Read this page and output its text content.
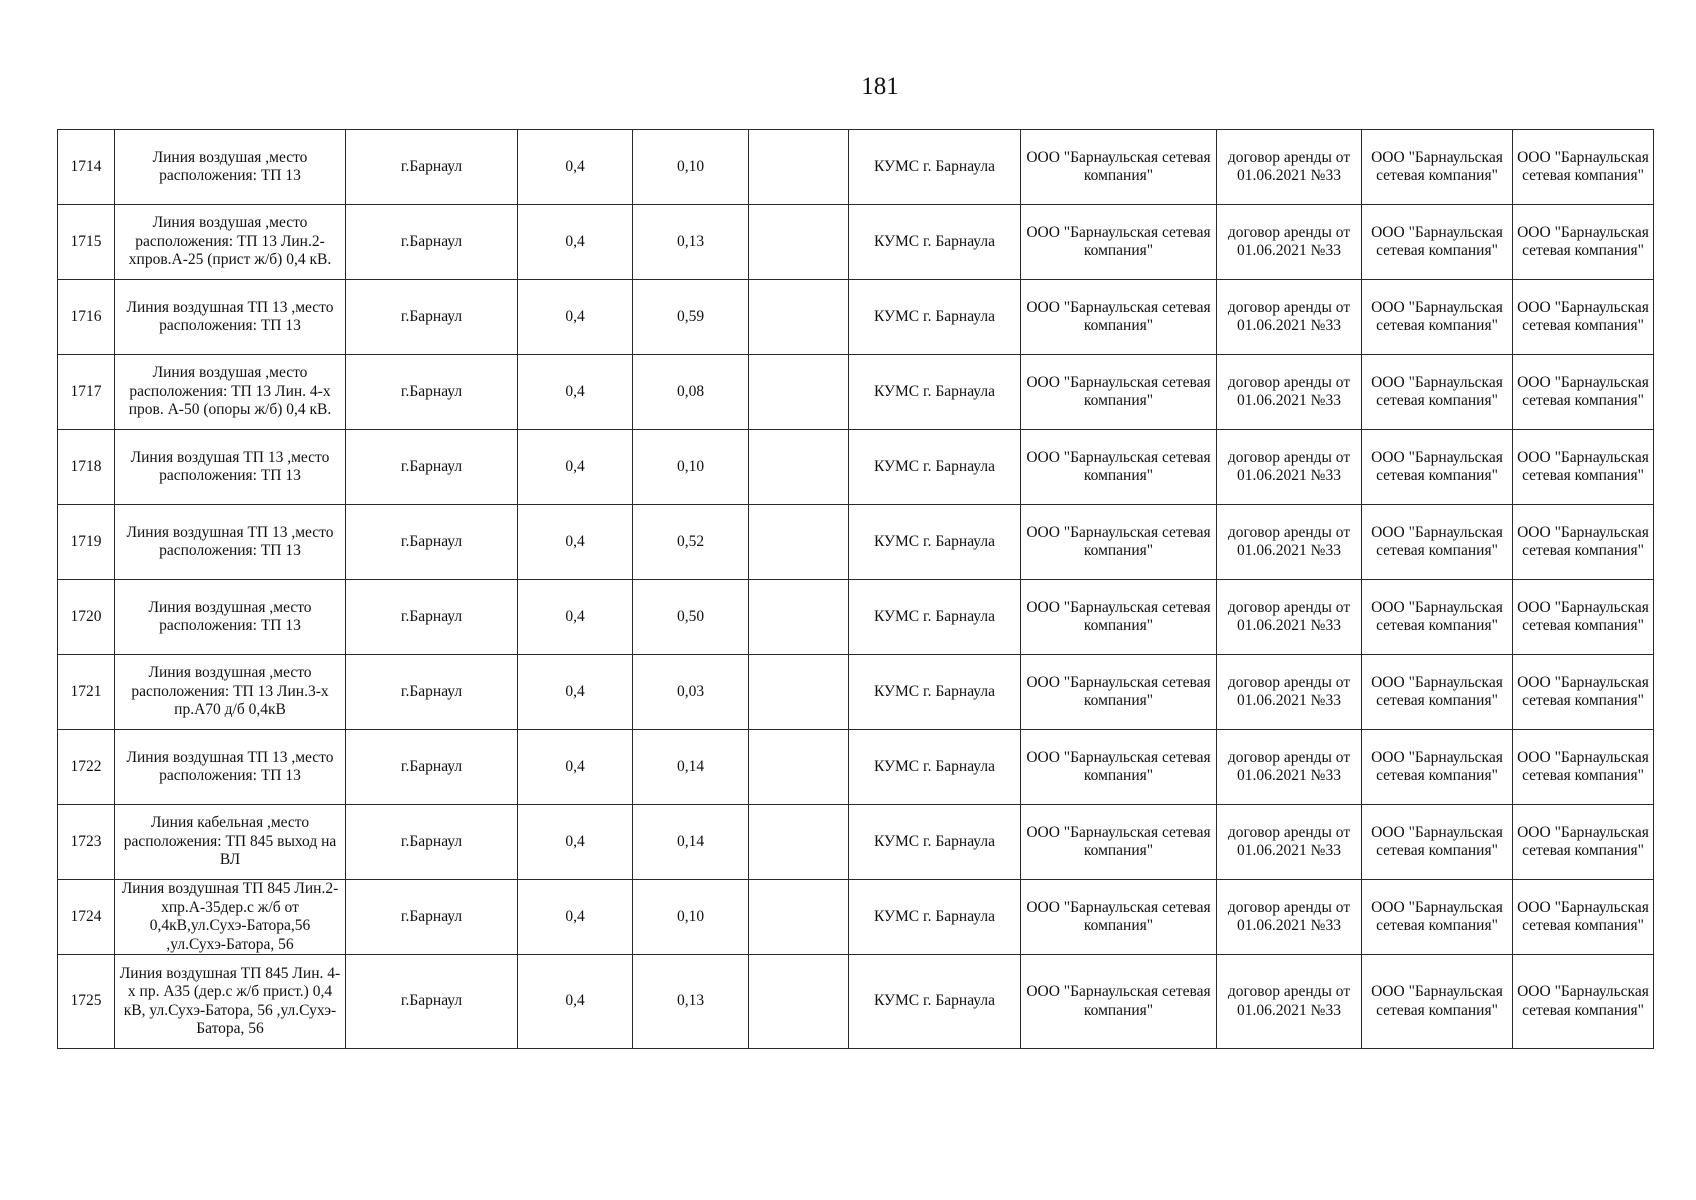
181
1714	Линия воздушая ,место расположения: ТП 13	г.Барнаул	0,4	0,10		КУМС г. Барнаула	ООО "Барнаульская сетевая компания"	договор аренды от 01.06.2021 №33	ООО "Барнаульская сетевая компания"	ООО "Барнаульская сетевая компания"
1715	Линия воздушая ,место расположения: ТП 13 Лин.2-хпров.А-25 (прист ж/б) 0,4 кВ.	г.Барнаул	0,4	0,13		КУМС г. Барнаула	ООО "Барнаульская сетевая компания"	договор аренды от 01.06.2021 №33	ООО "Барнаульская сетевая компания"	ООО "Барнаульская сетевая компания"
1716	Линия воздушная ТП 13 ,место расположения: ТП 13	г.Барнаул	0,4	0,59		КУМС г. Барнаула	ООО "Барнаульская сетевая компания"	договор аренды от 01.06.2021 №33	ООО "Барнаульская сетевая компания"	ООО "Барнаульская сетевая компания"
1717	Линия воздушая ,место расположения: ТП 13 Лин. 4-х пров. А-50 (опоры ж/б) 0,4 кВ.	г.Барнаул	0,4	0,08		КУМС г. Барнаула	ООО "Барнаульская сетевая компания"	договор аренды от 01.06.2021 №33	ООО "Барнаульская сетевая компания"	ООО "Барнаульская сетевая компания"
1718	Линия воздушая ТП 13 ,место расположения: ТП 13	г.Барнаул	0,4	0,10		КУМС г. Барнаула	ООО "Барнаульская сетевая компания"	договор аренды от 01.06.2021 №33	ООО "Барнаульская сетевая компания"	ООО "Барнаульская сетевая компания"
1719	Линия воздушная ТП 13 ,место расположения: ТП 13	г.Барнаул	0,4	0,52		КУМС г. Барнаула	ООО "Барнаульская сетевая компания"	договор аренды от 01.06.2021 №33	ООО "Барнаульская сетевая компания"	ООО "Барнаульская сетевая компания"
1720	Линия воздушная ,место расположения: ТП 13	г.Барнаул	0,4	0,50		КУМС г. Барнаула	ООО "Барнаульская сетевая компания"	договор аренды от 01.06.2021 №33	ООО "Барнаульская сетевая компания"	ООО "Барнаульская сетевая компания"
1721	Линия воздушная ,место расположения: ТП 13 Лин.3-х пр.А70 д/б 0,4кВ	г.Барнаул	0,4	0,03		КУМС г. Барнаула	ООО "Барнаульская сетевая компания"	договор аренды от 01.06.2021 №33	ООО "Барнаульская сетевая компания"	ООО "Барнаульская сетевая компания"
1722	Линия воздушная ТП 13 ,место расположения: ТП 13	г.Барнаул	0,4	0,14		КУМС г. Барнаула	ООО "Барнаульская сетевая компания"	договор аренды от 01.06.2021 №33	ООО "Барнаульская сетевая компания"	ООО "Барнаульская сетевая компания"
1723	Линия кабельная ,место расположения: ТП 845 выход на ВЛ	г.Барнаул	0,4	0,14		КУМС г. Барнаула	ООО "Барнаульская сетевая компания"	договор аренды от 01.06.2021 №33	ООО "Барнаульская сетевая компания"	ООО "Барнаульская сетевая компания"
1724	Линия воздушная ТП 845 Лин.2-хпр.А-35дер.с ж/б от 0,4кВ,ул.Сухэ-Батора,56 ,ул.Сухэ-Батора, 56	г.Барнаул	0,4	0,10		КУМС г. Барнаула	ООО "Барнаульская сетевая компания"	договор аренды от 01.06.2021 №33	ООО "Барнаульская сетевая компания"	ООО "Барнаульская сетевая компания"
1725	Линия воздушная ТП 845 Лин. 4-х пр. А35 (дер.с ж/б прист.) 0,4 кВ, ул.Сухэ-Батора, 56 ,ул.Сухэ-Батора, 56	г.Барнаул	0,4	0,13		КУМС г. Барнаула	ООО "Барнаульская сетевая компания"	договор аренды от 01.06.2021 №33	ООО "Барнаульская сетевая компания"	ООО "Барнаульская сетевая компания"
